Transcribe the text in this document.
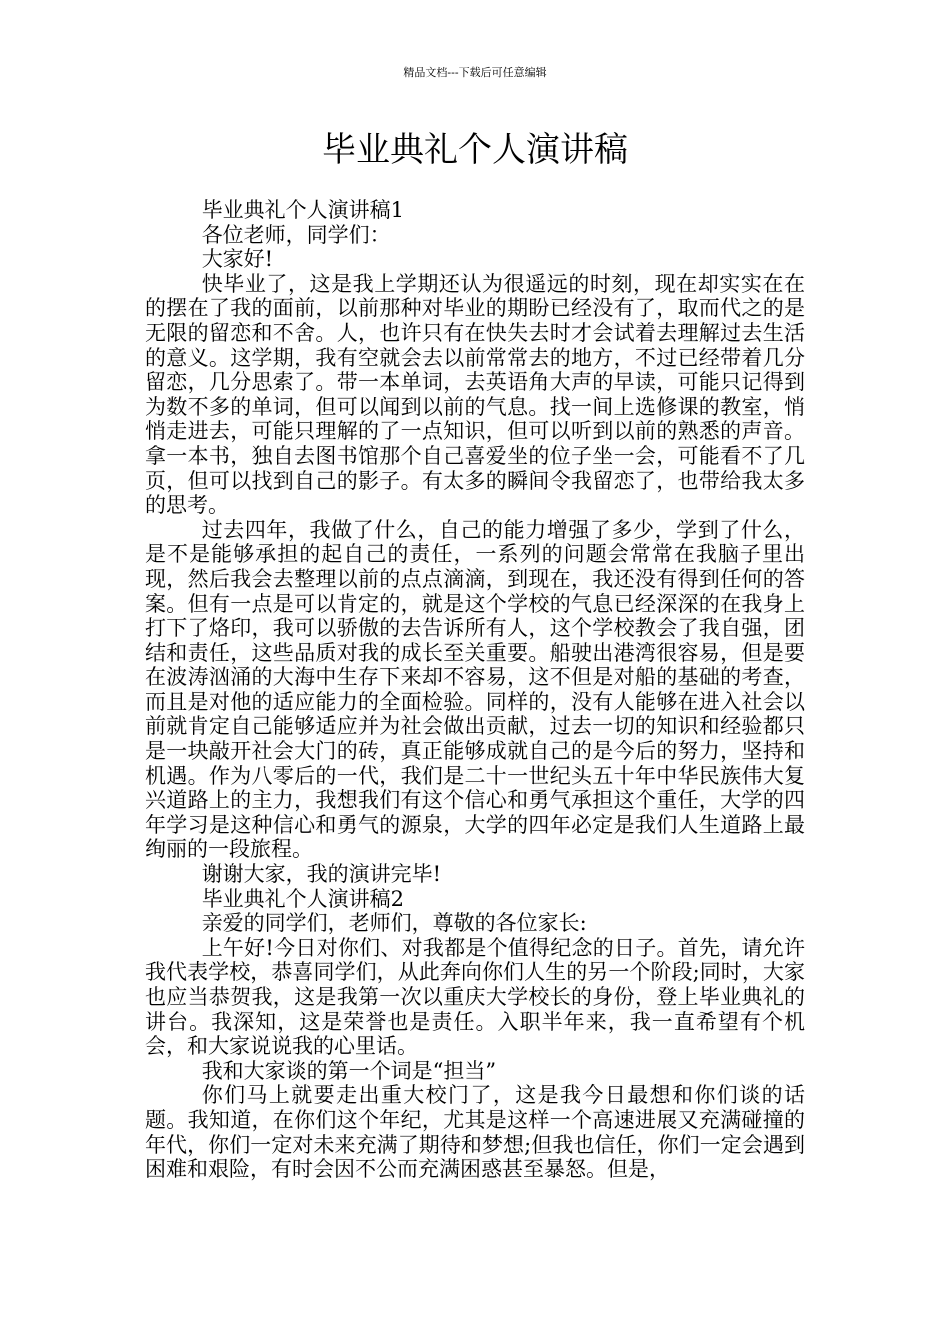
精品文档---下载后可任意编辑
毕业典礼个人演讲稿

毕业典礼个人演讲稿1

各位老师，同学们：

大家好!

快毕业了，这是我上学期还认为很遥远的时刻，现在却实实在在的摆在了我的面前，以前那种对毕业的期盼已经没有了，取而代之的是无限的留恋和不舍。人，也许只有在快失去时才会试着去理解过去生活的意义。这学期，我有空就会去以前常常去的地方，不过已经带着几分留恋，几分思索了。带一本单词，去英语角大声的早读，可能只记得到为数不多的单词，但可以闻到以前的气息。找一间上选修课的教室，悄悄走进去，可能只理解的了一点知识，但可以听到以前的熟悉的声音。拿一本书，独自去图书馆那个自己喜爱坐的位子坐一会，可能看不了几页，但可以找到自己的影子。有太多的瞬间令我留恋了，也带给我太多的思考。

过去四年，我做了什么，自己的能力增强了多少，学到了什么，是不是能够承担的起自己的责任，一系列的问题会常常在我脑子里出现，然后我会去整理以前的点点滴滴，到现在，我还没有得到任何的答案。但有一点是可以肯定的，就是这个学校的气息已经深深的在我身上打下了烙印，我可以骄傲的去告诉所有人，这个学校教会了我自强，团结和责任，这些品质对我的成长至关重要。船驶出港湾很容易，但是要在波涛汹涌的大海中生存下来却不容易，这不但是对船的基础的考查，而且是对他的适应能力的全面检验。同样的，没有人能够在进入社会以前就肯定自己能够适应并为社会做出贡献，过去一切的知识和经验都只是一块敲开社会大门的砖，真正能够成就自己的是今后的努力，坚持和机遇。作为八零后的一代，我们是二十一世纪头五十年中华民族伟大复兴道路上的主力，我想我们有这个信心和勇气承担这个重任，大学的四年学习是这种信心和勇气的源泉，大学的四年必定是我们人生道路上最绚丽的一段旅程。

谢谢大家，我的演讲完毕!

毕业典礼个人演讲稿2

亲爱的同学们，老师们，尊敬的各位家长:

上午好!今日对你们、对我都是个值得纪念的日子。首先，请允许我代表学校，恭喜同学们，从此奔向你们人生的另一个阶段;同时，大家也应当恭贺我，这是我第一次以重庆大学校长的身份，登上毕业典礼的讲台。我深知，这是荣誉也是责任。入职半年来，我一直希望有个机会，和大家说说我的心里话。

我和大家谈的第一个词是“担当”

你们马上就要走出重大校门了，这是我今日最想和你们谈的话题。我知道，在你们这个年纪，尤其是这样一个高速进展又充满碰撞的年代，你们一定对未来充满了期待和梦想;但我也信任，你们一定会遇到困难和艰险，有时会因不公而充满困惑甚至暴怒。但是，
